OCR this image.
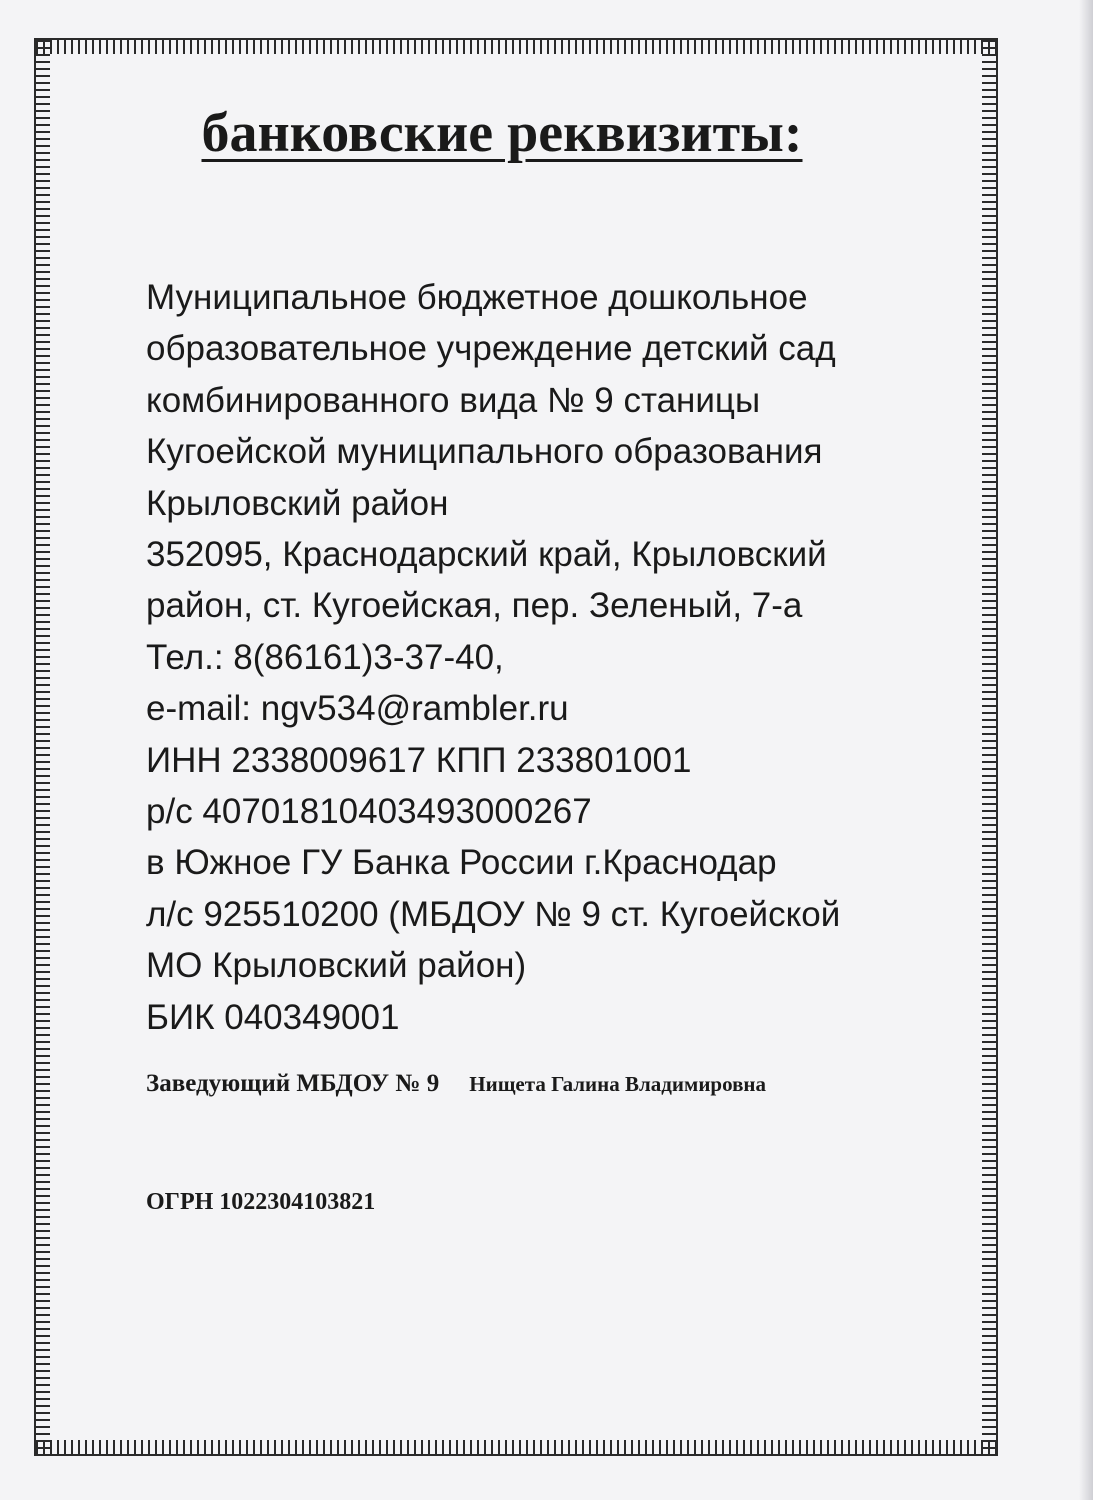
банковские реквизиты:
Муниципальное бюджетное дошкольное
образовательное учреждение детский сад
комбинированного вида № 9 станицы
Кугоейской муниципального образования
Крыловский район
352095, Краснодарский край, Крыловский
район, ст. Кугоейская, пер. Зеленый, 7-а
Тел.: 8(86161)3-37-40,
e-mail: ngv534@rambler.ru
ИНН 2338009617 КПП 233801001
р/с 40701810403493000267
в Южное ГУ Банка России г.Краснодар
л/с 925510200 (МБДОУ № 9 ст. Кугоейской
МО Крыловский район)
БИК 040349001
Заведующий МБДОУ № 9 Нищета Галина Владимировна
ОГРН 1022304103821
